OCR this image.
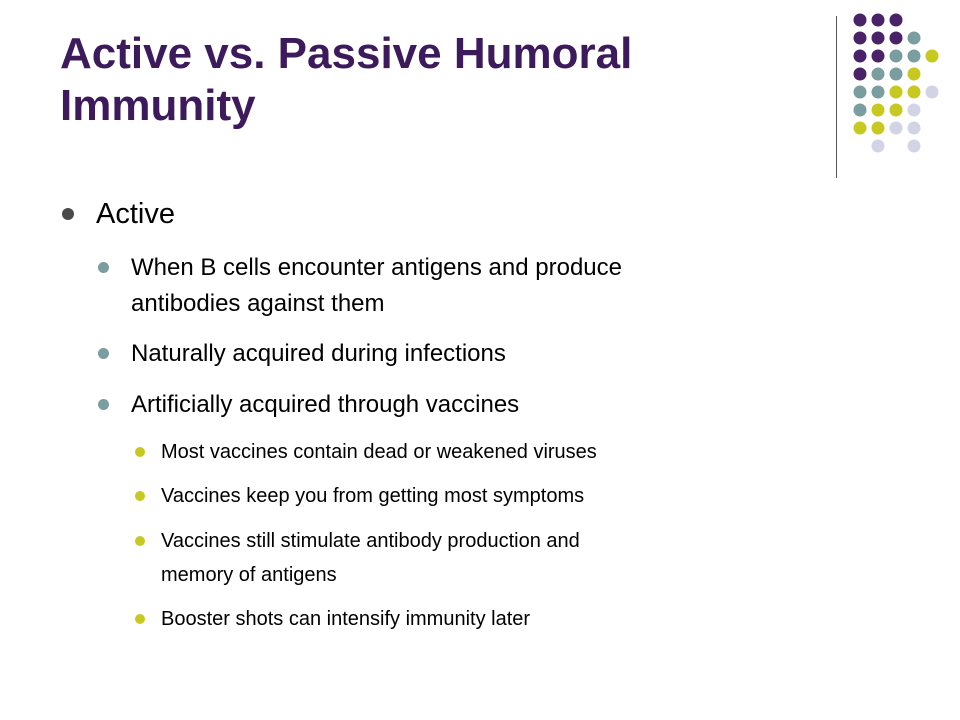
Active vs. Passive Humoral
Immunity
Active
When B cells encounter antigens and produce
antibodies against them
Naturally acquired during infections
Artificially acquired through vaccines
Most vaccines contain dead or weakened viruses
Vaccines keep you from getting most symptoms
Vaccines still stimulate antibody production and
memory of antigens
Booster shots can intensify immunity later
